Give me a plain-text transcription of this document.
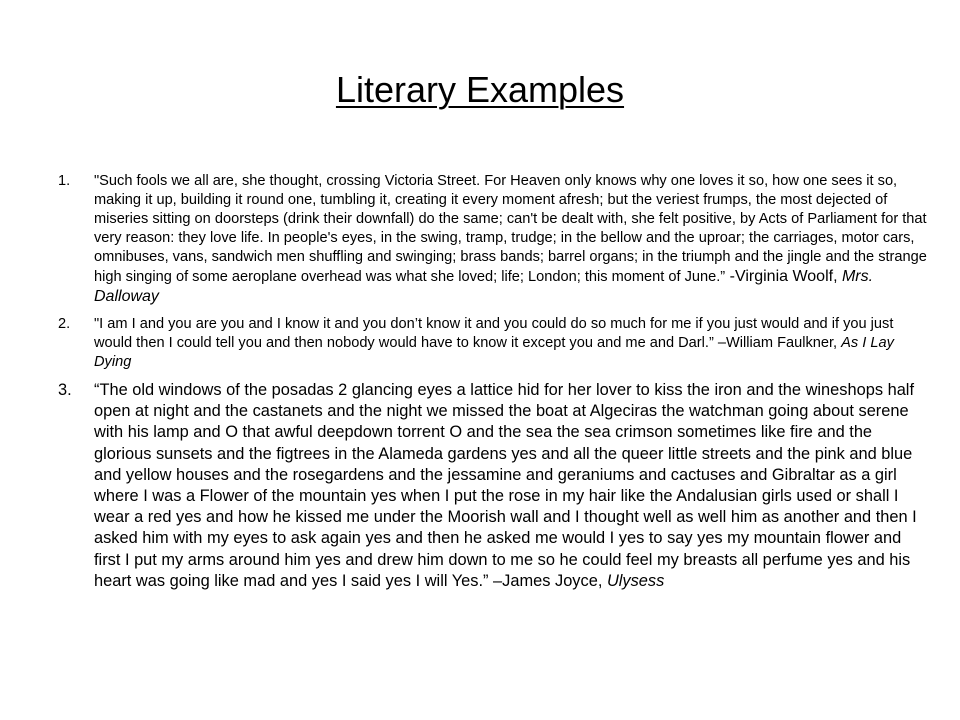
Literary Examples
1.	"Such fools we all are, she thought, crossing Victoria Street. For Heaven only knows why one loves it so, how one sees it so, making it up, building it round one, tumbling it, creating it every moment afresh; but the veriest frumps, the most dejected of miseries sitting on doorsteps (drink their downfall) do the same; can't be dealt with, she felt positive, by Acts of Parliament for that very reason: they love life. In people's eyes, in the swing, tramp, trudge; in the bellow and the uproar; the carriages, motor cars, omnibuses, vans, sandwich men shuffling and swinging; brass bands; barrel organs; in the triumph and the jingle and the strange high singing of some aeroplane overhead was what she loved; life; London; this moment of June.” -Virginia Woolf, Mrs. Dalloway
2.	"I am I and you are you and I know it and you don’t know it and you could do so much for me if you just would and if you just would then I could tell you and then nobody would have to know it except you and me and Darl.” –William Faulkner, As I Lay Dying
3.	“The old windows of the posadas 2 glancing eyes a lattice hid for her lover to kiss the iron and the wineshops half open at night and the castanets and the night we missed the boat at Algeciras the watchman going about serene with his lamp and O that awful deepdown torrent O and the sea the sea crimson sometimes like fire and the glorious sunsets and the figtrees in the Alameda gardens yes and all the queer little streets and the pink and blue and yellow houses and the rosegardens and the jessamine and geraniums and cactuses and Gibraltar as a girl where I was a Flower of the mountain yes when I put the rose in my hair like the Andalusian girls used or shall I wear a red yes and how he kissed me under the Moorish wall and I thought well as well him as another and then I asked him with my eyes to ask again yes and then he asked me would I yes to say yes my mountain flower and first I put my arms around him yes and drew him down to me so he could feel my breasts all perfume yes and his heart was going like mad and yes I said yes I will Yes.” –James Joyce, Ulysess
